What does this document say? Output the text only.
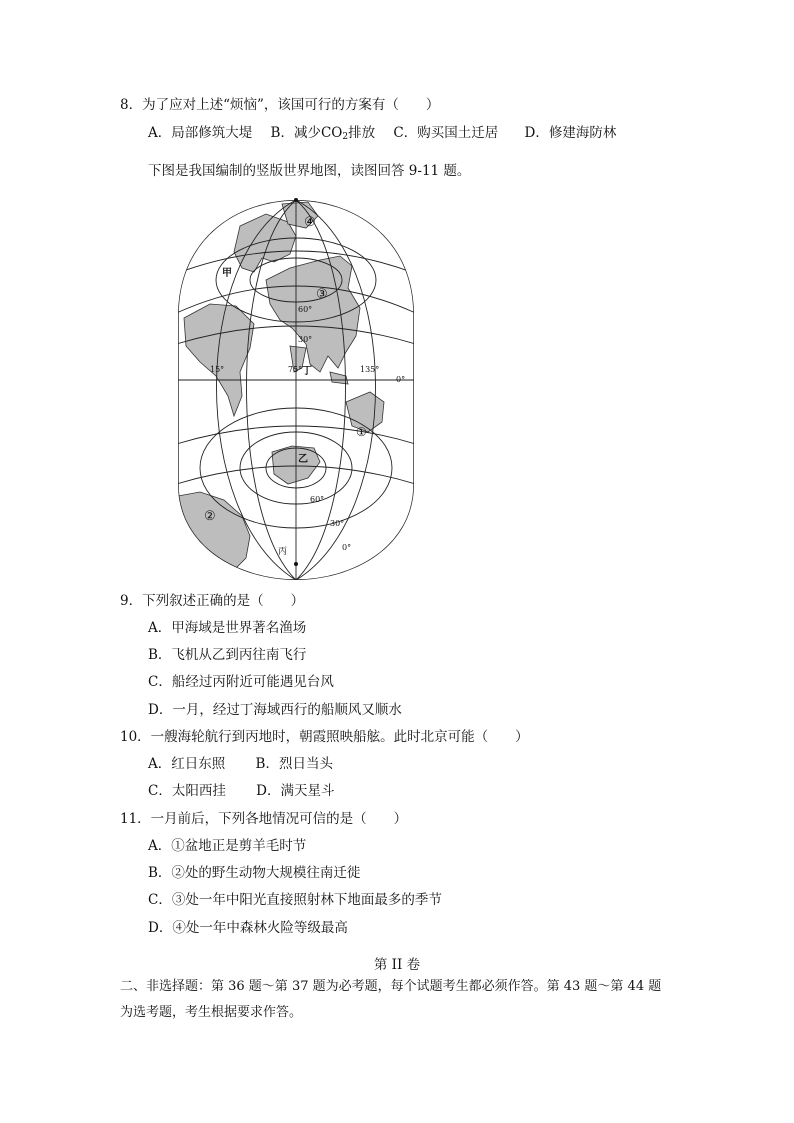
8．为了应对上述“烦恼”，该国可行的方案有（　　）
A．局部修筑大堤 B．减少$CO_2$排放 C．购买国土迁居 D．修建海防林
下图是我国编制的竖版世界地图，读图回答 9-11 题。
甲
乙
丙
丁
①
②
③
④
60°
30°
60°
30°
0°
15°	75°	135°
0°
9．下列叙述正确的是（　　）
A．甲海域是世界著名渔场
B．飞机从乙到丙往南飞行
C．船经过丙附近可能遇见台风
D．一月，经过丁海域西行的船顺风又顺水
10．一艘海轮航行到丙地时，朝霞照映船舷。此时北京可能（　　）
A．红日东照 B．烈日当头
C．太阳西挂 D．满天星斗
11．一月前后，下列各地情况可信的是（　　）
A．①盆地正是剪羊毛时节
B．②处的野生动物大规模往南迁徙
C．③处一年中阳光直接照射林下地面最多的季节
D．④处一年中森林火险等级最高
第 II 卷
二、非选择题：第 36 题～第 37 题为必考题，每个试题考生都必须作答。第 43 题～第 44 题
为选考题，考生根据要求作答。
